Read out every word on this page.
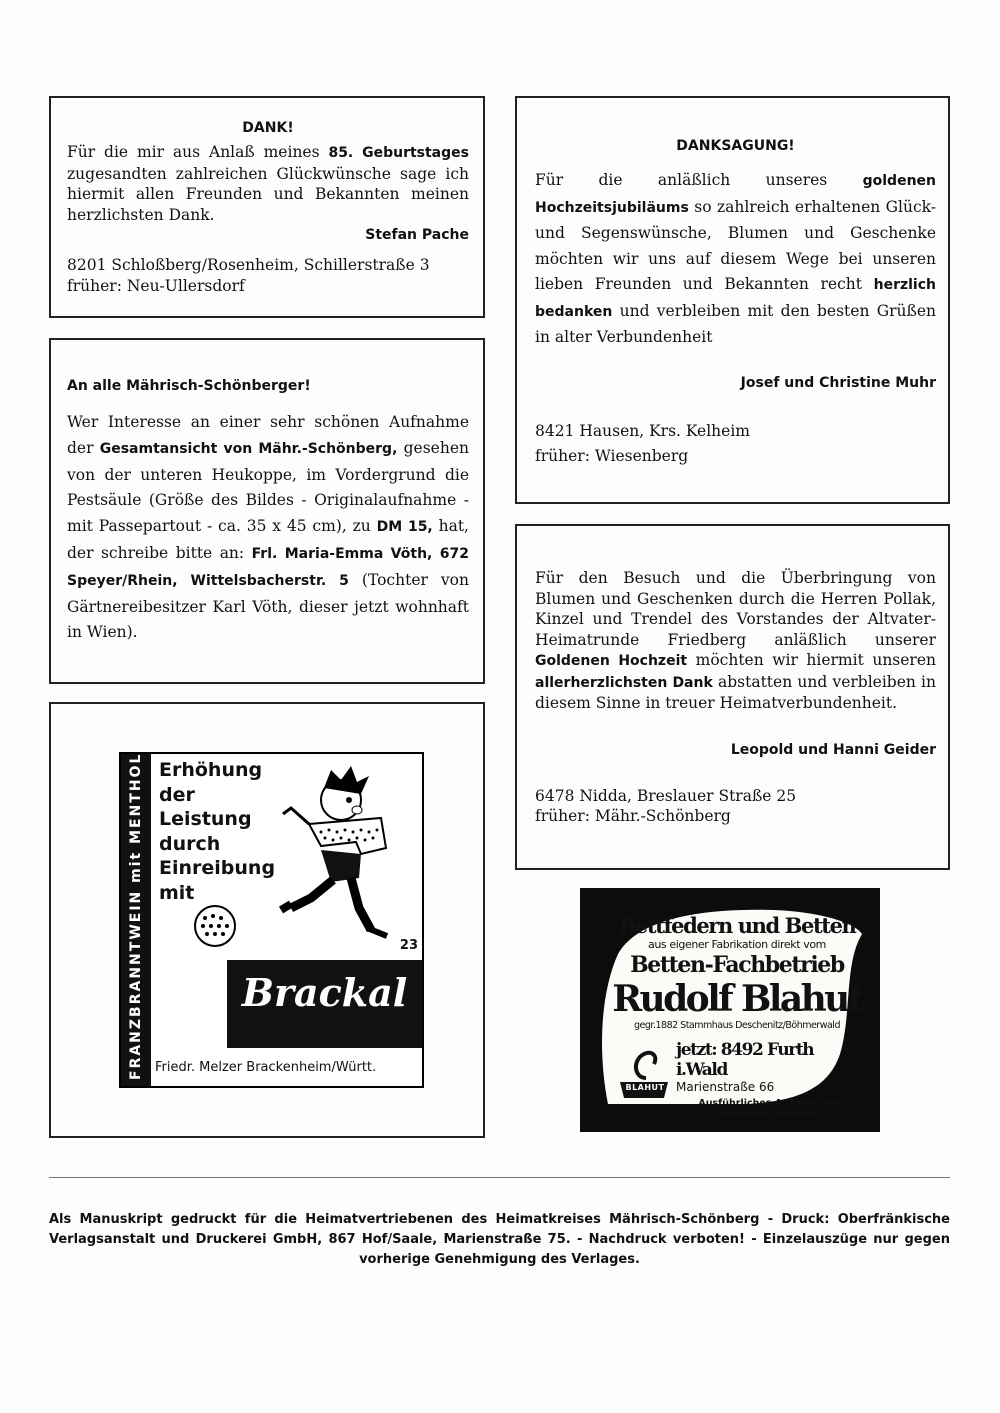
DANK!
Für die mir aus Anlaß meines 85. Geburtstages zugesandten zahlreichen Glückwünsche sage ich hiermit allen Freunden und Bekannten meinen herzlichsten Dank.
Stefan Pache
8201 Schloßberg/Rosenheim, Schillerstraße 3
früher: Neu-Ullersdorf
An alle Mährisch-Schönberger!
Wer Interesse an einer sehr schönen Aufnahme der Gesamtansicht von Mähr.-Schönberg, gesehen von der unteren Heukoppe, im Vordergrund die Pestsäule (Größe des Bildes - Originalaufnahme - mit Passepartout - ca. 35 x 45 cm), zu DM 15, hat, der schreibe bitte an: Frl. Maria-Emma Vöth, 672 Speyer/Rhein, Wittelsbacherstr. 5 (Tochter von Gärtnereibesitzer Karl Vöth, dieser jetzt wohnhaft in Wien).
FRANZBRANNTWEIN mit MENTHOL Erhöhung
der
Leistung
durch
Einreibung
mit
23
Brackal
Friedr. Melzer Brackenheim/Württ.
DANKSAGUNG!
Für die anläßlich unseres	goldenen Hochzeitsjubiläums so zahlreich erhaltenen Glück- und Segenswünsche, Blumen und Geschenke möchten wir uns auf diesem Wege bei unseren lieben Freunden und Bekannten recht herzlich bedanken und verbleiben mit den besten Grüßen in alter Verbundenheit
Josef und Christine Muhr
8421 Hausen, Krs. Kelheim
früher: Wiesenberg
Für den Besuch und die Überbringung von Blumen und Geschenken durch die Herren Pollak, Kinzel und Trendel des Vorstandes der Altvater-Heimatrunde Friedberg anläßlich unserer Goldenen Hochzeit möchten wir hiermit unseren allerherzlichsten Dank abstatten und verbleiben in diesem Sinne in treuer Heimatverbundenheit.
Leopold und Hanni Geider
6478 Nidda, Breslauer Straße 25
früher: Mähr.-Schönberg
Bettfedern und Betten
aus eigener Fabrikation direkt vom
Betten-Fachbetrieb
Rudolf Blahut
gegr.1882 Stammhaus Deschenitz/Böhmerwald
jetzt: 8492 Furth i.Wald
Marienstraße 66
Ausführliches Angebot und
Preisliste kostenlos.
BLAHUT
Als Manuskript gedruckt für die Heimatvertriebenen des Heimatkreises Mährisch-Schönberg - Druck: Oberfränkische Verlagsanstalt und Druckerei GmbH, 867 Hof/Saale, Marienstraße 75. - Nachdruck verboten! - Einzelauszüge nur gegen vorherige Genehmigung des Verlages.
